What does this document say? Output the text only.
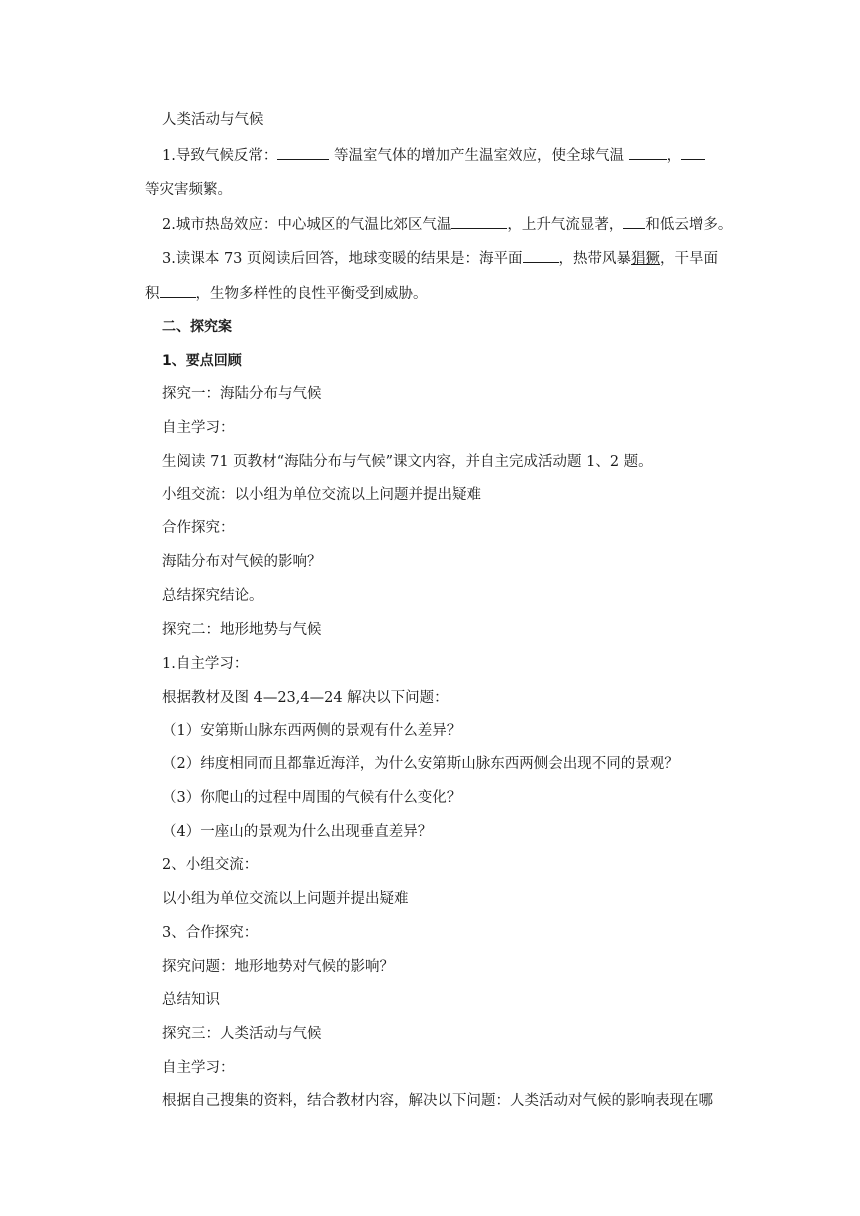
人类活动与气候
1.导致气候反常：	等温室气体的增加产生温室效应，使全球气温	，
等灾害频繁。
2.城市热岛效应：中心城区的气温比郊区气温	，上升气流显著， 和低云增多。
3.读课本 73 页阅读后回答，地球变暖的结果是：海平面 ，热带风暴猖獗，干旱面
积 ，生物多样性的良性平衡受到威胁。
二、探究案
1、要点回顾
探究一：海陆分布与气候
自主学习：
生阅读 71 页教材“海陆分布与气候”课文内容，并自主完成活动题 1、2 题。
小组交流：以小组为单位交流以上问题并提出疑难
合作探究：
海陆分布对气候的影响？
总结探究结论。
探究二：地形地势与气候
1.自主学习：
根据教材及图 4—23,4—24 解决以下问题：
（1）安第斯山脉东西两侧的景观有什么差异？
（2）纬度相同而且都靠近海洋，为什么安第斯山脉东西两侧会出现不同的景观？
（3）你爬山的过程中周围的气候有什么变化？
（4）一座山的景观为什么出现垂直差异？
2、小组交流：
以小组为单位交流以上问题并提出疑难
3、合作探究：
探究问题：地形地势对气候的影响？
总结知识
探究三：人类活动与气候
自主学习：
根据自己搜集的资料，结合教材内容，解决以下问题：人类活动对气候的影响表现在哪
